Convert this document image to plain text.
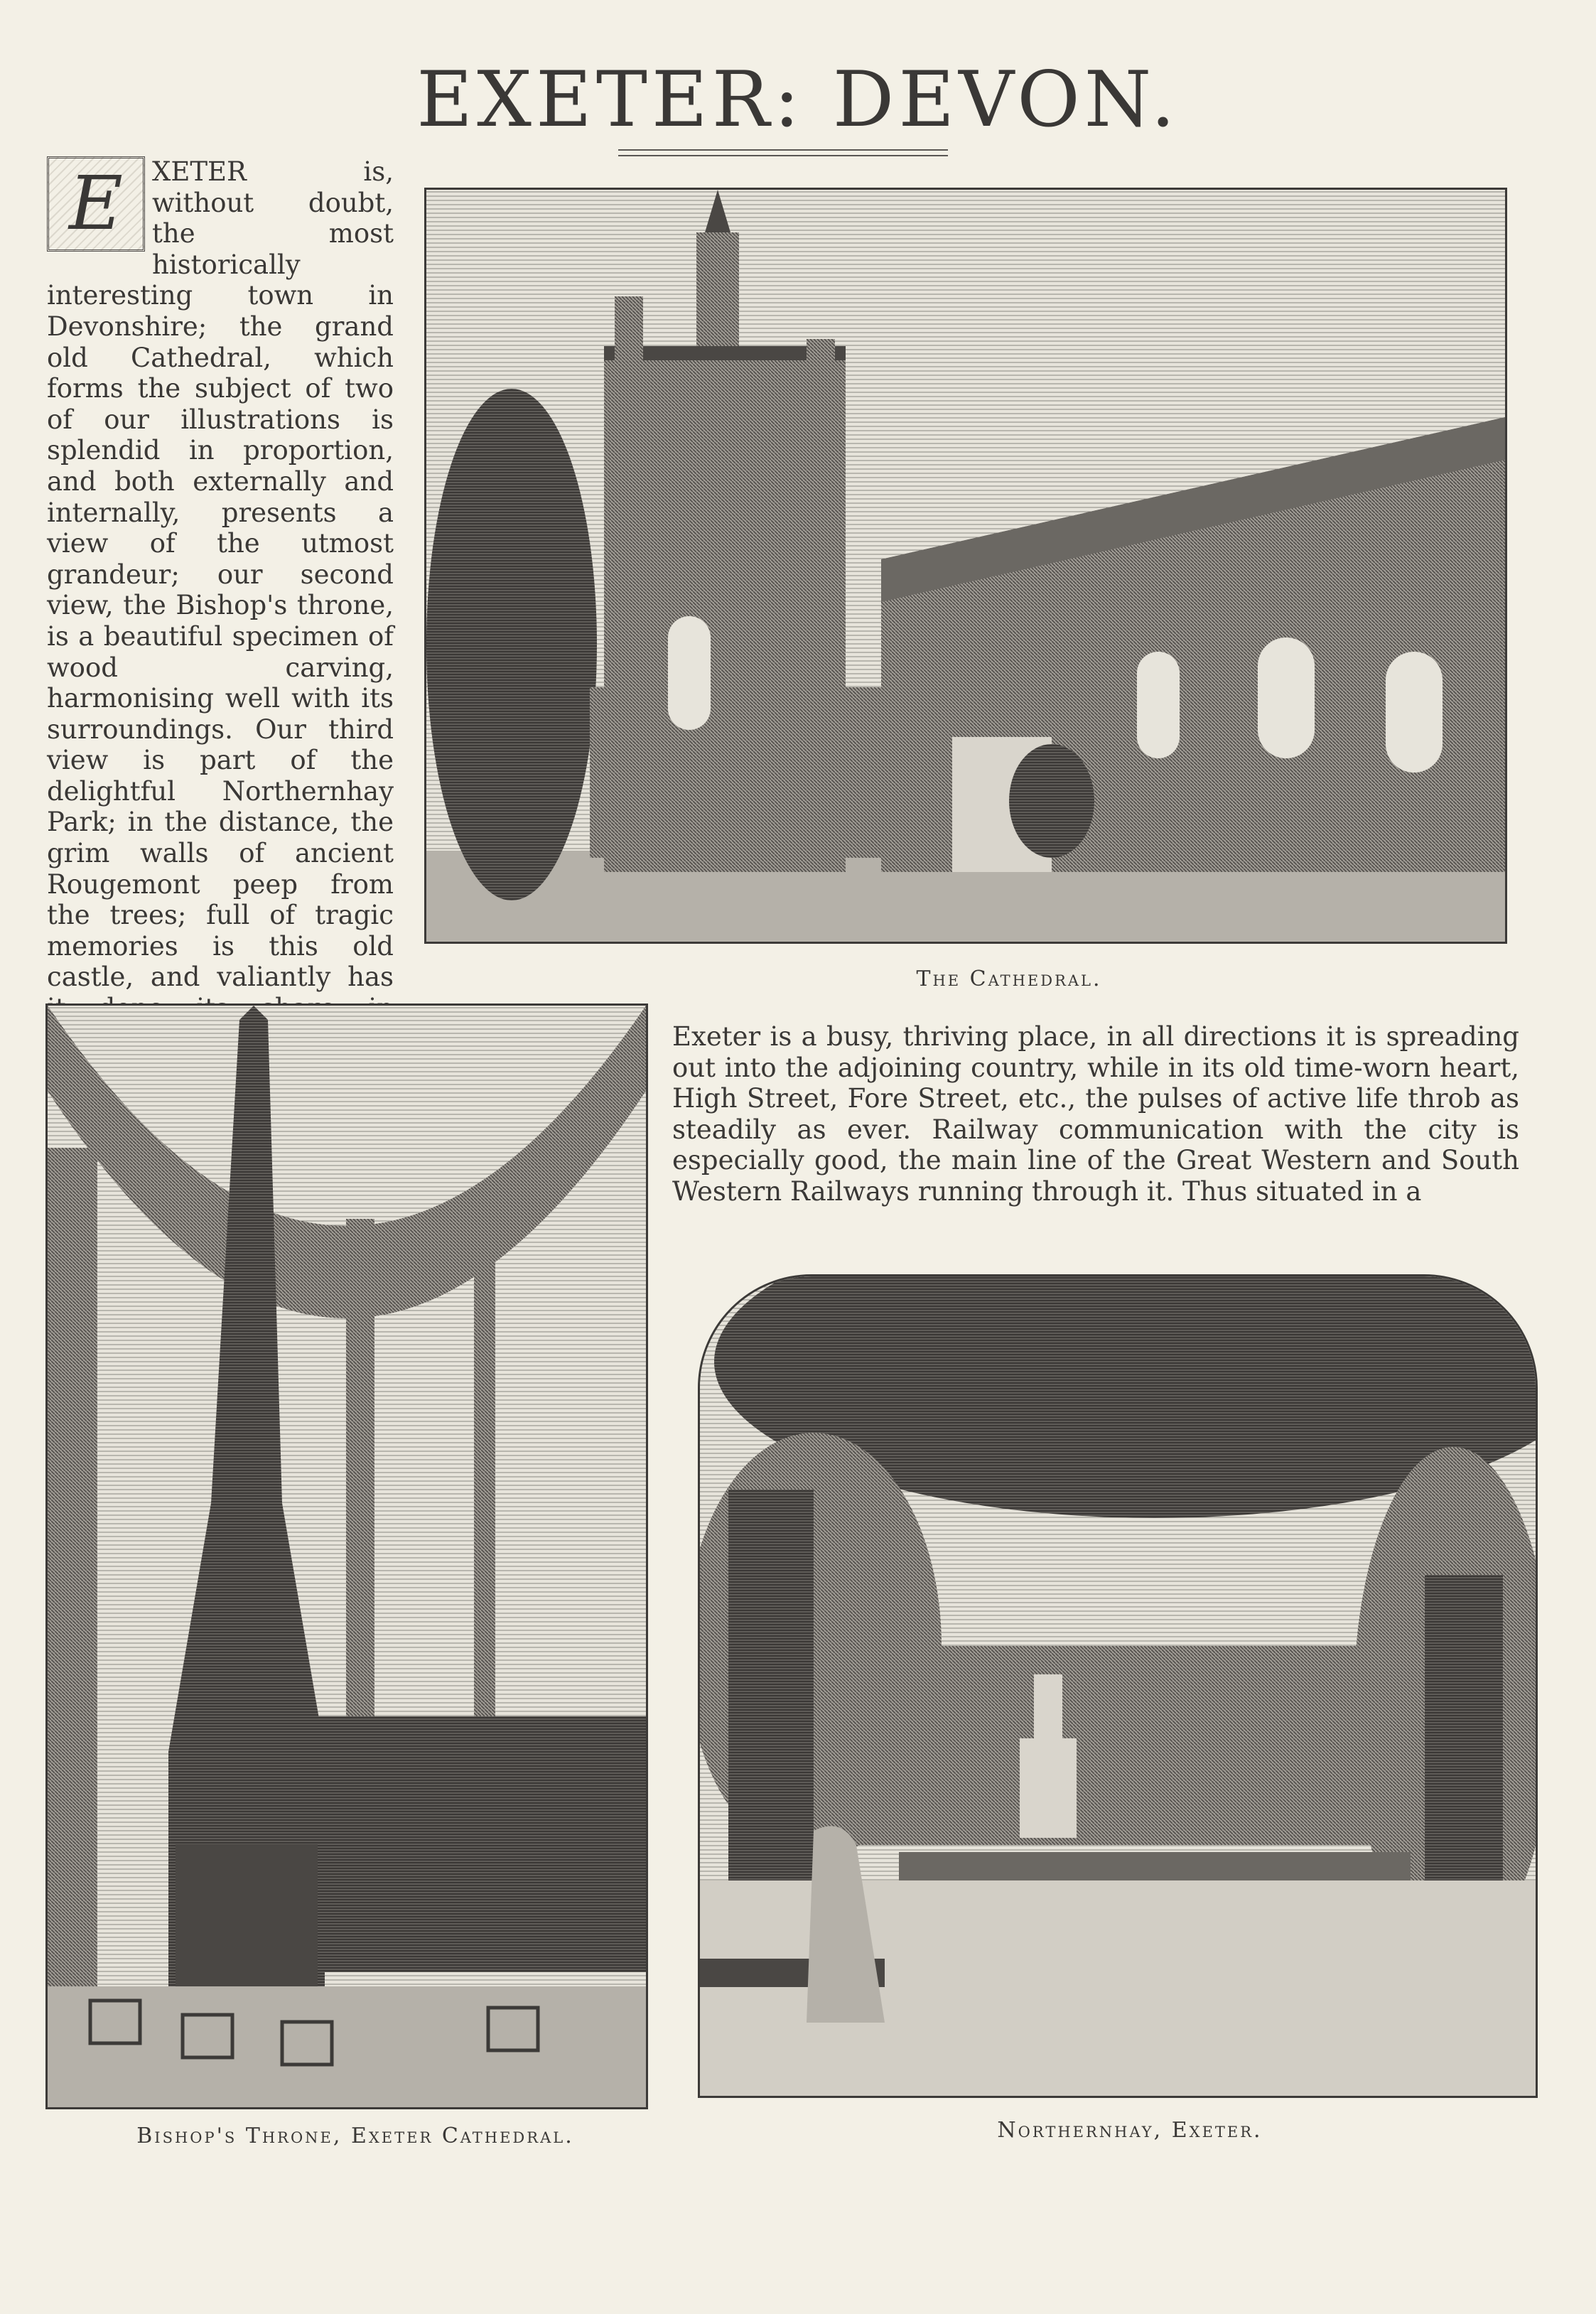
EXETER: DEVON.
E	XETER is, without doubt, the most historically interesting town in Devonshire; the grand old Cathedral, which forms the subject of two of our illustrations is splendid in proportion, and both externally and internally, presents a view of the utmost grandeur; our second view, the Bishop's throne, is a beautiful specimen of wood carving, harmonising well with its surroundings. Our third view is part of the delightful Northernhay Park; in the distance, the grim walls of ancient Rougemont peep from the trees; full of tragic memories is this old castle, and valiantly has	The Cathedral.
Exeter is a busy, thriving place, in all directions it is spreading out into the adjoining country, while in its old time-worn heart, High Street, Fore Street, etc., the pulses of active life throb as steadily as ever. Railway communication with the city is especially good, the main line of the Great Western and South Western Railways running through it. Thus situated in a
Bishop's Throne, Exeter Cathedral.	Northernhay, Exeter.
